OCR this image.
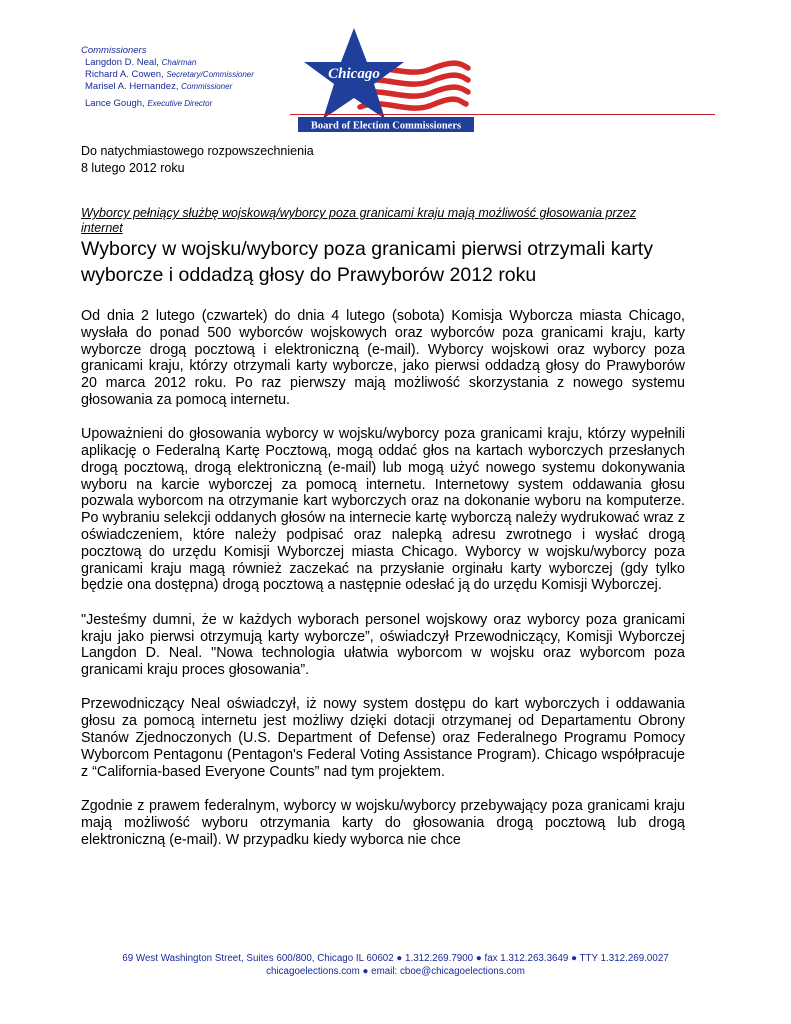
Commissioners
Langdon D. Neal, Chairman
Richard A. Cowen, Secretary/Commissioner
Marisel A. Hernandez, Commissioner
Lance Gough, Executive Director
Chicago
Board of Election Commissioners
Do natychmiastowego rozpowszechnienia
8 lutego 2012 roku
Wyborcy pełniący służbę wojskową/wyborcy poza granicami kraju mają możliwość głosowania przez internet
Wyborcy w wojsku/wyborcy poza granicami pierwsi otrzymali karty wyborcze i oddadzą głosy do Prawyborów 2012 roku

Od dnia 2 lutego (czwartek) do dnia 4 lutego (sobota) Komisja Wyborcza miasta Chicago, wysłała do ponad 500 wyborców wojskowych oraz wyborców poza granicami kraju, karty wyborcze drogą pocztową i elektroniczną (e-mail). Wyborcy wojskowi oraz wyborcy poza granicami kraju, którzy otrzymali karty wyborcze, jako pierwsi oddadzą głosy do Prawyborów 20 marca 2012 roku. Po raz pierwszy mają możliwość skorzystania z nowego systemu głosowania za pomocą internetu.

Upoważnieni do głosowania wyborcy w wojsku/wyborcy poza granicami kraju, którzy wypełnili aplikację o Federalną Kartę Pocztową, mogą oddać głos na kartach wyborczych przesłanych drogą pocztową, drogą elektroniczną (e-mail) lub mogą użyć nowego systemu dokonywania wyboru na karcie wyborczej za pomocą internetu. Internetowy system oddawania głosu pozwala wyborcom na otrzymanie kart wyborczych oraz na dokonanie wyboru na komputerze. Po wybraniu selekcji oddanych głosów na internecie kartę wyborczą należy wydrukować wraz z oświadczeniem, które należy podpisać oraz nalepką adresu zwrotnego i wysłać drogą pocztową do urzędu Komisji Wyborczej miasta Chicago. Wyborcy w wojsku/wyborcy poza granicami kraju magą również zaczekać na przysłanie orginału karty wyborczej (gdy tylko będzie ona dostępna) drogą pocztową a następnie odesłać ją do urzędu Komisji Wyborczej.

"Jesteśmy dumni, że w każdych wyborach personel wojskowy oraz wyborcy poza granicami kraju jako pierwsi otrzymują karty wyborcze”, oświadczył Przewodniczący, Komisji Wyborczej Langdon D. Neal. "Nowa technologia ułatwia wyborcom w wojsku oraz wyborcom poza granicami kraju proces głosowania”.

Przewodniczący Neal oświadczył, iż nowy system dostępu do kart wyborczych i oddawania głosu za pomocą internetu jest możliwy dzięki dotacji otrzymanej od Departamentu Obrony Stanów Zjednoczonych (U.S. Department of Defense) oraz Federalnego Programu Pomocy Wyborcom Pentagonu (Pentagon's Federal Voting Assistance Program). Chicago współpracuje z “California-based Everyone Counts” nad tym projektem.

Zgodnie z prawem federalnym, wyborcy w wojsku/wyborcy przebywający poza granicami kraju mają możliwość wyboru otrzymania karty do głosowania drogą pocztową lub drogą elektroniczną (e-mail). W przypadku kiedy wyborca nie chce

69 West Washington Street, Suites 600/800, Chicago IL 60602 ● 1.312.269.7900 ● fax 1.312.263.3649 ● TTY 1.312.269.0027
chicagoelections.com ● email: cboe@chicagoelections.com
